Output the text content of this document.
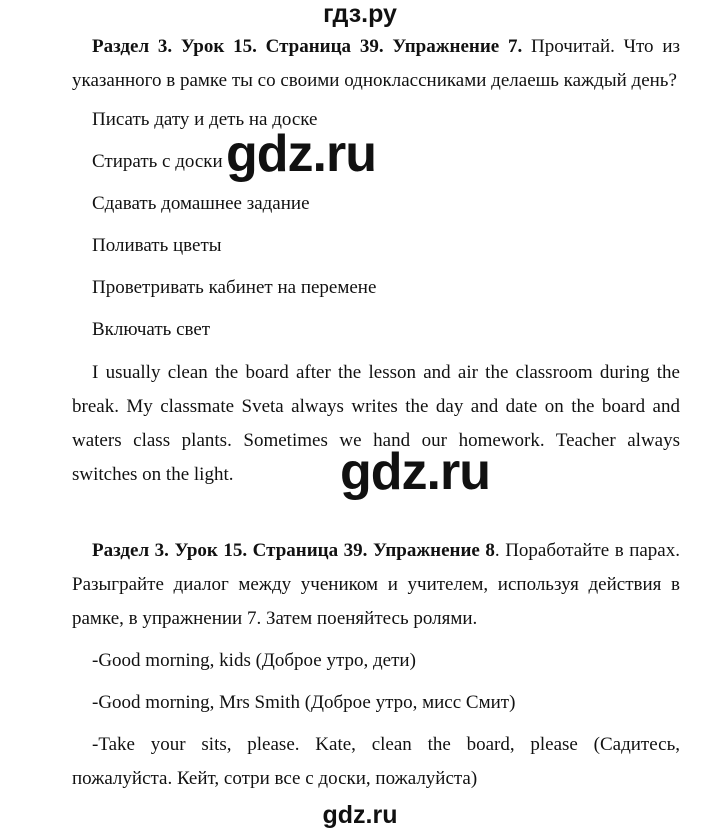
гдз.ру

Раздел 3. Урок 15. Страница 39. Упражнение 7. Прочитай. Что из указанного в рамке ты со своими одноклассниками делаешь каждый день?

Писать дату и деть на доске

Стирать с доски

Сдавать домашнее задание

Поливать цветы

Проветривать кабинет на перемене

Включать свет

I usually clean the board after the lesson and air the classroom during the break. My classmate Sveta always writes the day and date on the board and waters class plants. Sometimes we hand our homework. Teacher always switches on the light.

Раздел 3. Урок 15. Страница 39. Упражнение 8. Поработайте в парах. Разыграйте диалог между учеником и учителем, используя действия в рамке, в упражнении 7. Затем поеняйтесь ролями.

-Good morning, kids (Доброе утро, дети)

-Good morning, Mrs Smith (Доброе утро, мисс Смит)

-Take your sits, please. Kate, clean the board, please (Садитесь, пожалуйста. Кейт, сотри все с доски, пожалуйста)

gdz.ru
gdz.ru
gdz.ru
